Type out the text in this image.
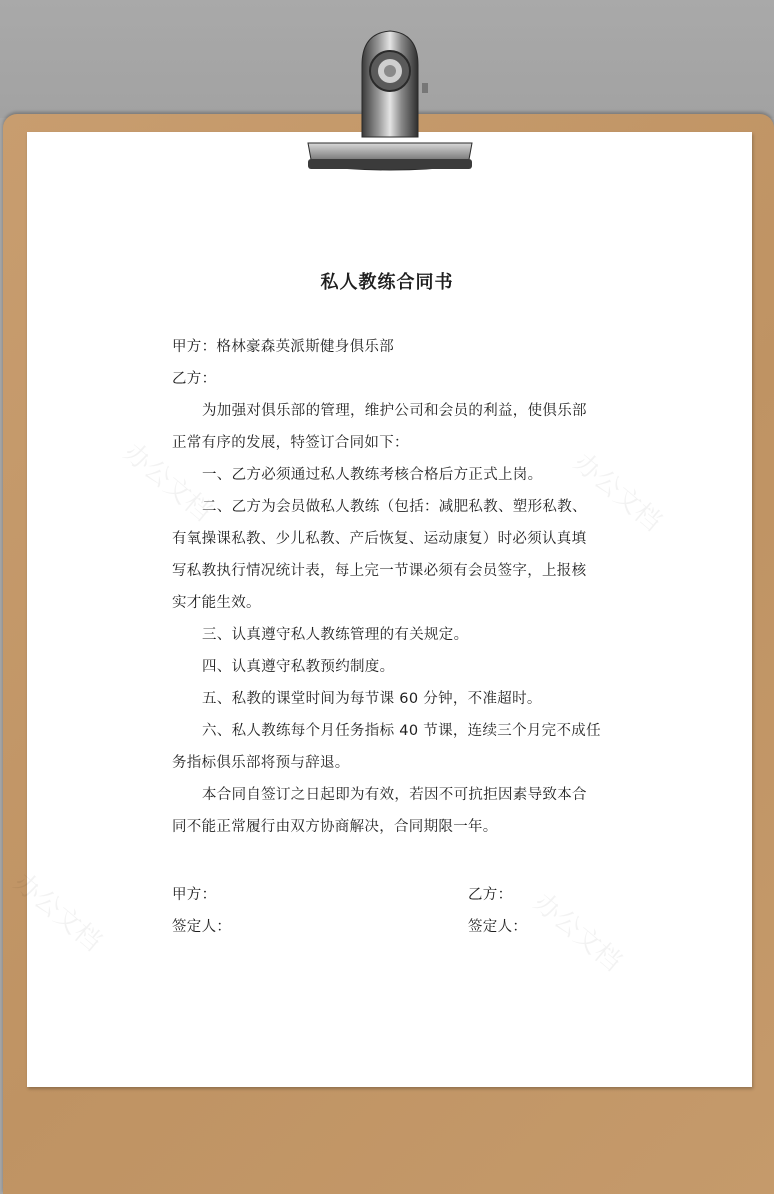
办公文档	办公文档
办公文档	办公文档
私人教练合同书
甲方：格林豪森英派斯健身俱乐部
乙方：
为加强对俱乐部的管理，维护公司和会员的利益，使俱乐部
正常有序的发展，特签订合同如下：
一、乙方必须通过私人教练考核合格后方正式上岗。
二、乙方为会员做私人教练（包括：减肥私教、塑形私教、
有氧操课私教、少儿私教、产后恢复、运动康复）时必须认真填
写私教执行情况统计表，每上完一节课必须有会员签字，上报核
实才能生效。
三、认真遵守私人教练管理的有关规定。
四、认真遵守私教预约制度。
五、私教的课堂时间为每节课 60 分钟，不准超时。
六、私人教练每个月任务指标 40 节课，连续三个月完不成任
务指标俱乐部将预与辞退。
本合同自签订之日起即为有效，若因不可抗拒因素导致本合
同不能正常履行由双方协商解决，合同期限一年。
甲方：	乙方：
签定人：	签定人：
